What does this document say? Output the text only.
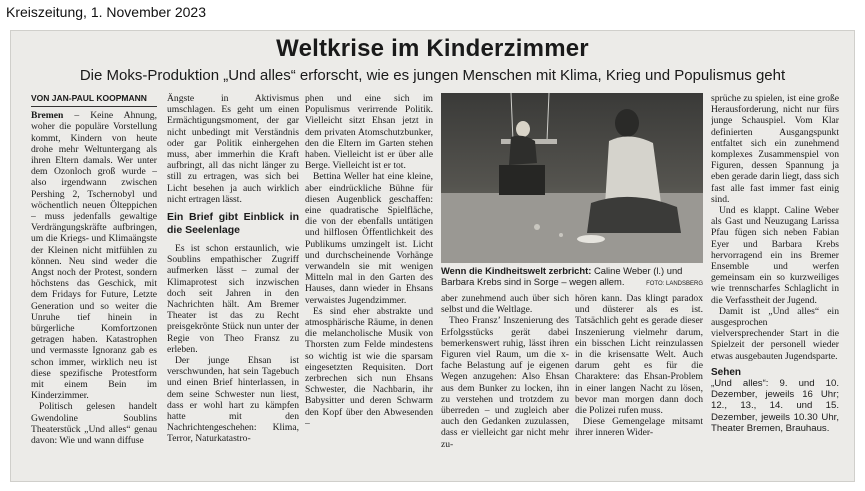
Kreiszeitung, 1. November 2023
Weltkrise im Kinderzimmer
Die Moks-Produktion „Und alles“ erforscht, wie es jungen Menschen mit Klima, Krieg und Populismus geht
VON JAN-PAUL KOOPMANN

Bremen – Keine Ahnung, woher die populäre Vorstellung kommt, Kindern von heute drohe mehr Weltuntergang als ihren Eltern damals. Wer unter dem Ozonloch groß wurde – also irgendwann zwischen Pershing 2, Tschernobyl und wöchentlich neuen Ölteppichen – muss jedenfalls gewaltige Verdrängungskräfte aufbringen, um die Kriegs- und Klimaängste der Kleinen nicht mitfühlen zu können. Neu sind weder die Angst noch der Protest, sondern höchstens das Geschick, mit dem Fridays for Future, Letzte Generation und so weiter die Unruhe tief hinein in bürgerliche Komfortzonen getragen haben. Katastrophen und vermasste Ignoranz gab es schon immer, wirklich neu ist diese spezifische Protestform mit einem Bein im Kinderzimmer.

Politisch gelesen handelt Gwendoline Soublins Theaterstück „Und alles“ genau davon: Wie und wann diffuse

Ängste in Aktivismus umschlagen. Es geht um einen Ermächtigungsmoment, der gar nicht unbedingt mit Verständnis oder gar Politik einhergehen muss, aber immerhin die Kraft aufbringt, all das nicht länger zu still zu ertragen, was sich bei Licht besehen ja auch wirklich nicht ertragen lässt.

Ein Brief gibt Einblick in die Seelenlage

Es ist schon erstaunlich, wie Soublins empathischer Zugriff aufmerken lässt – zumal der Klimaprotest sich inzwischen doch seit Jahren in den Nachrichten hält. Am Bremer Theater ist das zu Recht preisgekrönte Stück nun unter der Regie von Theo Fransz zu erleben.

Der junge Ehsan ist verschwunden, hat sein Tagebuch und einen Brief hinterlassen, in dem seine Schwester nun liest, dass er wohl hart zu kämpfen hatte mit den Nachrichtengeschehen: Klima, Terror, Naturkatastro-

phen und eine sich im Populismus verirrende Politik. Vielleicht sitzt Ehsan jetzt in dem privaten Atomschutzbunker, den die Eltern im Garten stehen haben. Vielleicht ist er über alle Berge. Vielleicht ist er tot.

Bettina Weller hat eine kleine, aber eindrückliche Bühne für diesen Augenblick geschaffen: eine quadratische Spielfläche, die von der ebenfalls untätigen und hilflosen Öffentlichkeit des Publikums umzingelt ist. Licht und durchscheinende Vorhänge verwandeln sie mit wenigen Mitteln mal in den Garten des Hauses, dann wieder in Ehsans verwaistes Jugendzimmer.

Es sind eher abstrakte und atmosphärische Räume, in denen die melancholische Musik von Thorsten zum Felde mindestens so wichtig ist wie die sparsam eingesetzten Requisiten. Dort zerbrechen sich nun Ehsans Schwester, die Nachbarin, ihr Babysitter und deren Schwarm den Kopf über den Abwesenden –

Wenn die Kindheitswelt zerbricht: Caline Weber (l.) und Barbara Krebs sind in Sorge – wegen allem.	FOTO: LANDSBERG

aber zunehmend auch über sich selbst und die Weltlage.

Theo Fransz’ Inszenierung des Erfolgsstücks gerät dabei bemerkenswert ruhig, lässt ihren Figuren viel Raum, um die x-fache Belastung auf je eigenen Wegen anzugehen: Also Ehsan aus dem Bunker zu locken, ihn zu verstehen und trotzdem zu überreden – und zugleich aber auch den Gedanken zuzulassen, dass er vielleicht gar nicht mehr zu-

hören kann. Das klingt paradox und düsterer als es ist. Tatsächlich geht es gerade dieser Inszenierung vielmehr darum, ein bisschen Licht reinzulassen in die krisensatte Welt. Auch darum geht es für die Charaktere: das Ehsan-Problem in einer langen Nacht zu lösen, bevor man morgen dann doch die Polizei rufen muss.

Diese Gemengelage mitsamt ihrer inneren Wider-

sprüche zu spielen, ist eine große Herausforderung, nicht nur fürs junge Schauspiel. Vom Klar definierten Ausgangspunkt entfaltet sich ein zunehmend komplexes Zusammenspiel von Figuren, dessen Spannung ja eben gerade darin liegt, dass sich fast alle fast immer fast einig sind.

Und es klappt. Caline Weber als Gast und Neuzugang Larissa Pfau fügen sich neben Fabian Eyer und Barbara Krebs hervorragend ein ins Bremer Ensemble und werfen gemeinsam ein so kurzweiliges wie trennscharfes Schlaglicht in die Verfasstheit der Jugend.

Damit ist „Und alles“ ein ausgesprochen vielversprechender Start in die Spielzeit der personell wieder etwas ausgebauten Jugendsparte.

Sehen
„Und alles“: 9. und 10. Dezember, jeweils 16 Uhr; 12., 13., 14. und 15. Dezember, jeweils 10.30 Uhr, Theater Bremen, Brauhaus.
